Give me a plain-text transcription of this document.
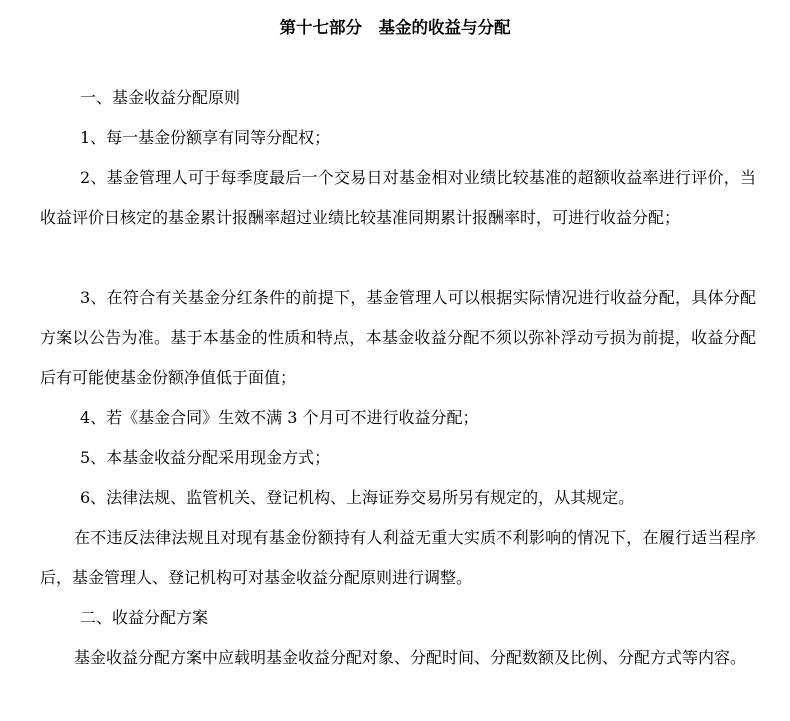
第十七部分　基金的收益与分配
一、基金收益分配原则
1、每一基金份额享有同等分配权；
2、基金管理人可于每季度最后一个交易日对基金相对业绩比较基准的超额收益率进行评价，当收益评价日核定的基金累计报酬率超过业绩比较基准同期累计报酬率时，可进行收益分配；
3、在符合有关基金分红条件的前提下，基金管理人可以根据实际情况进行收益分配，具体分配方案以公告为准。基于本基金的性质和特点，本基金收益分配不须以弥补浮动亏损为前提，收益分配后有可能使基金份额净值低于面值；
4、若《基金合同》生效不满 3 个月可不进行收益分配；
5、本基金收益分配采用现金方式；
6、法律法规、监管机关、登记机构、上海证券交易所另有规定的，从其规定。
在不违反法律法规且对现有基金份额持有人利益无重大实质不利影响的情况下，在履行适当程序后，基金管理人、登记机构可对基金收益分配原则进行调整。
二、收益分配方案
基金收益分配方案中应载明基金收益分配对象、分配时间、分配数额及比例、分配方式等内容。
